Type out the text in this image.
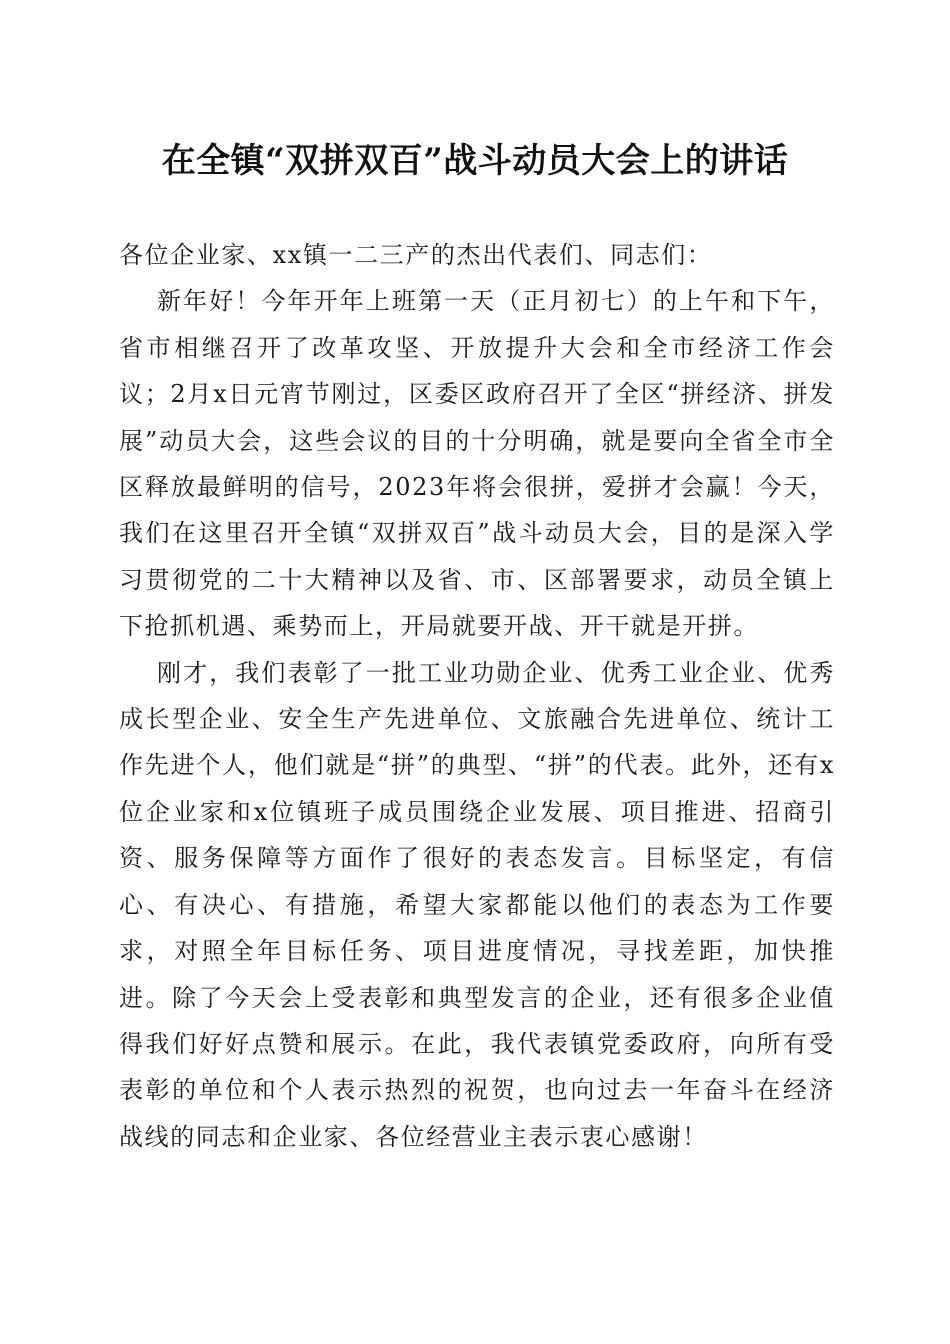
在全镇“双拼双百”战斗动员大会上的讲话

各位企业家、xx镇一二三产的杰出代表们、同志们：

新年好！今年开年上班第一天（正月初七）的上午和下午，省市相继召开了改革攻坚、开放提升大会和全市经济工作会议；2月x日元宵节刚过，区委区政府召开了全区“拼经济、拼发展”动员大会，这些会议的目的十分明确，就是要向全省全市全区释放最鲜明的信号，2023年将会很拼，爱拼才会赢！今天，我们在这里召开全镇“双拼双百”战斗动员大会，目的是深入学习贯彻党的二十大精神以及省、市、区部署要求，动员全镇上下抢抓机遇、乘势而上，开局就要开战、开干就是开拼。

刚才，我们表彰了一批工业功勋企业、优秀工业企业、优秀成长型企业、安全生产先进单位、文旅融合先进单位、统计工作先进个人，他们就是“拼”的典型、“拼”的代表。此外，还有x位企业家和x位镇班子成员围绕企业发展、项目推进、招商引资、服务保障等方面作了很好的表态发言。目标坚定，有信心、有决心、有措施，希望大家都能以他们的表态为工作要求，对照全年目标任务、项目进度情况，寻找差距，加快推进。除了今天会上受表彰和典型发言的企业，还有很多企业值得我们好好点赞和展示。在此，我代表镇党委政府，向所有受表彰的单位和个人表示热烈的祝贺，也向过去一年奋斗在经济战线的同志和企业家、各位经营业主表示衷心感谢！
